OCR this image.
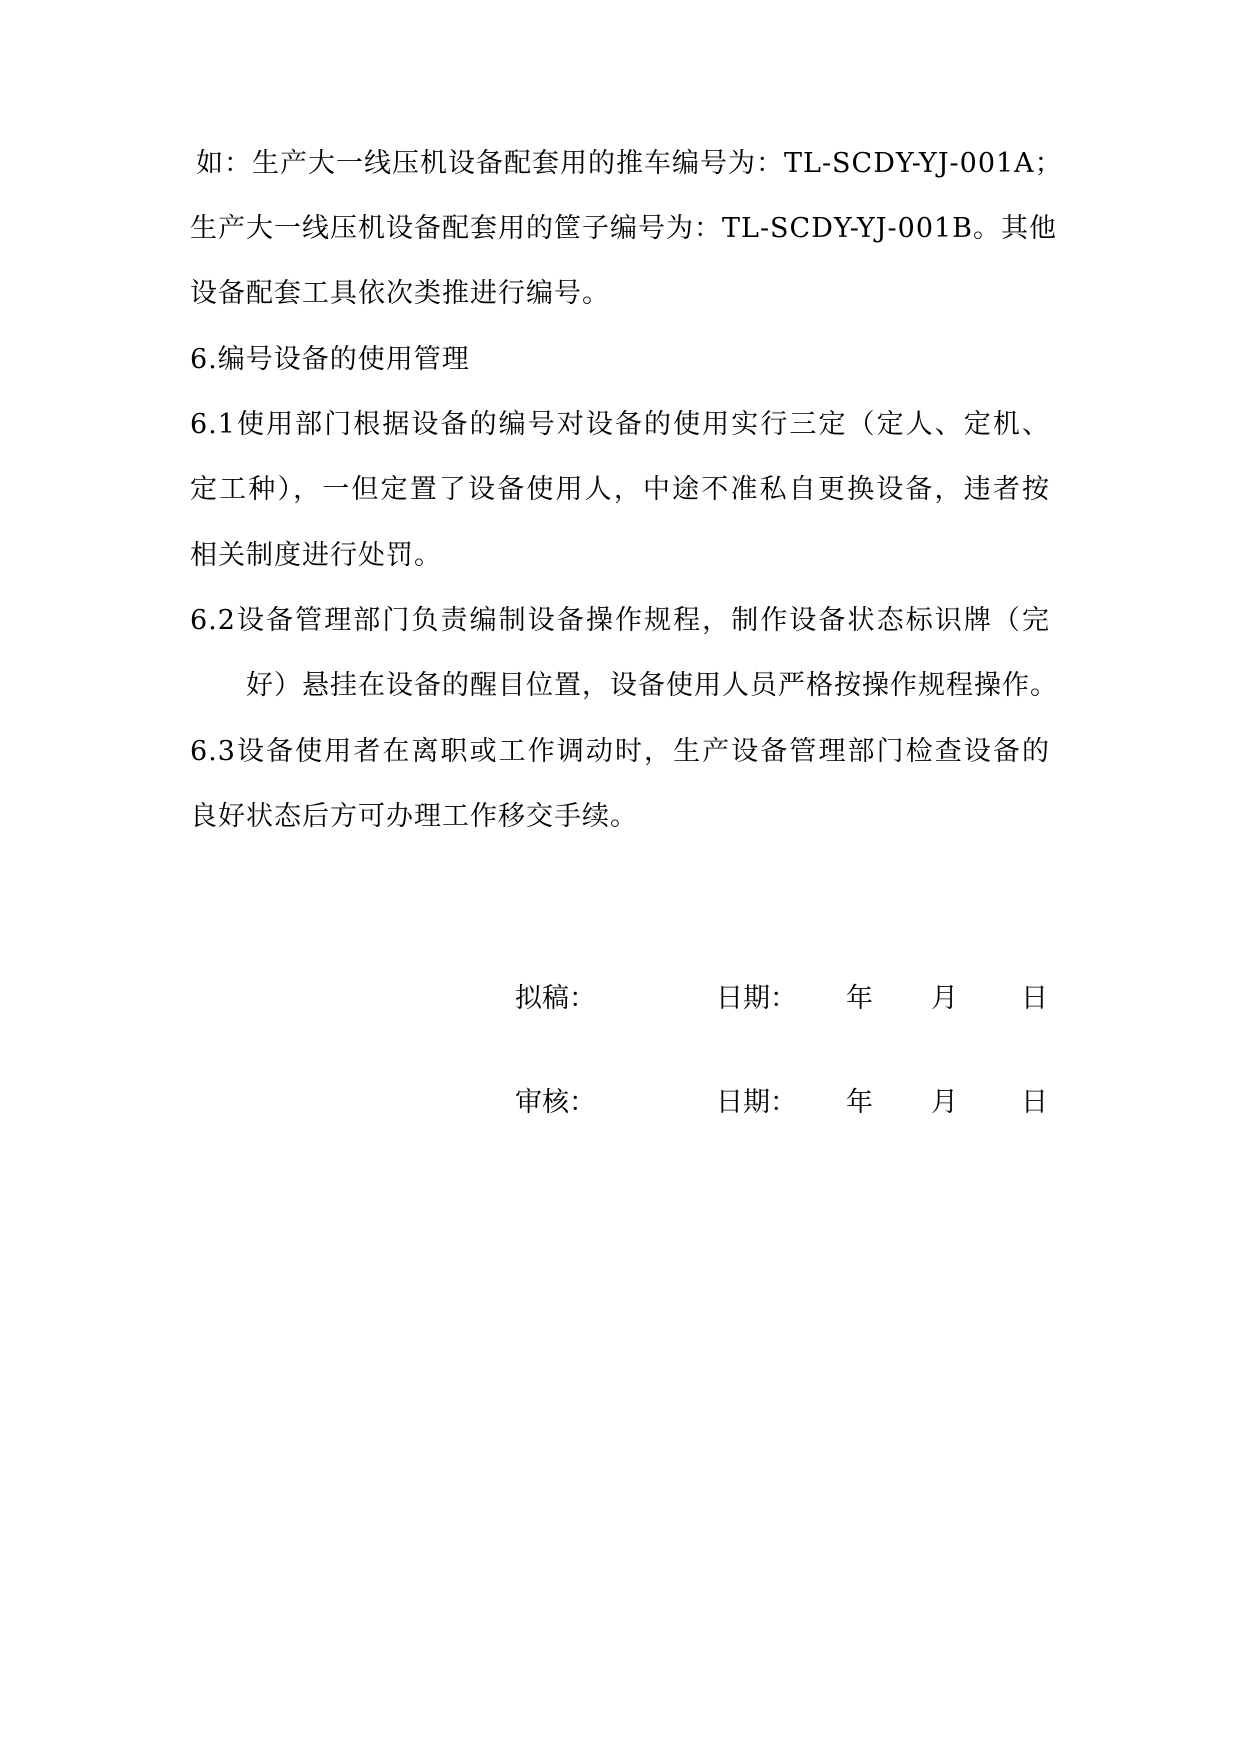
如：生产大一线压机设备配套用的推车编号为：TL-SCDY-YJ-001A；
生产大一线压机设备配套用的筐子编号为：TL-SCDY-YJ-001B。其他
设备配套工具依次类推进行编号。
6.编号设备的使用管理
6.1使用部门根据设备的编号对设备的使用实行三定（定人、定机、
定工种），一但定置了设备使用人，中途不准私自更换设备，违者按
相关制度进行处罚。
6.2设备管理部门负责编制设备操作规程，制作设备状态标识牌（完
好）悬挂在设备的醒目位置，设备使用人员严格按操作规程操作。
6.3设备使用者在离职或工作调动时，生产设备管理部门检查设备的
良好状态后方可办理工作移交手续。
拟稿：	日期： 年 月 日
审核：	日期： 年 月 日
